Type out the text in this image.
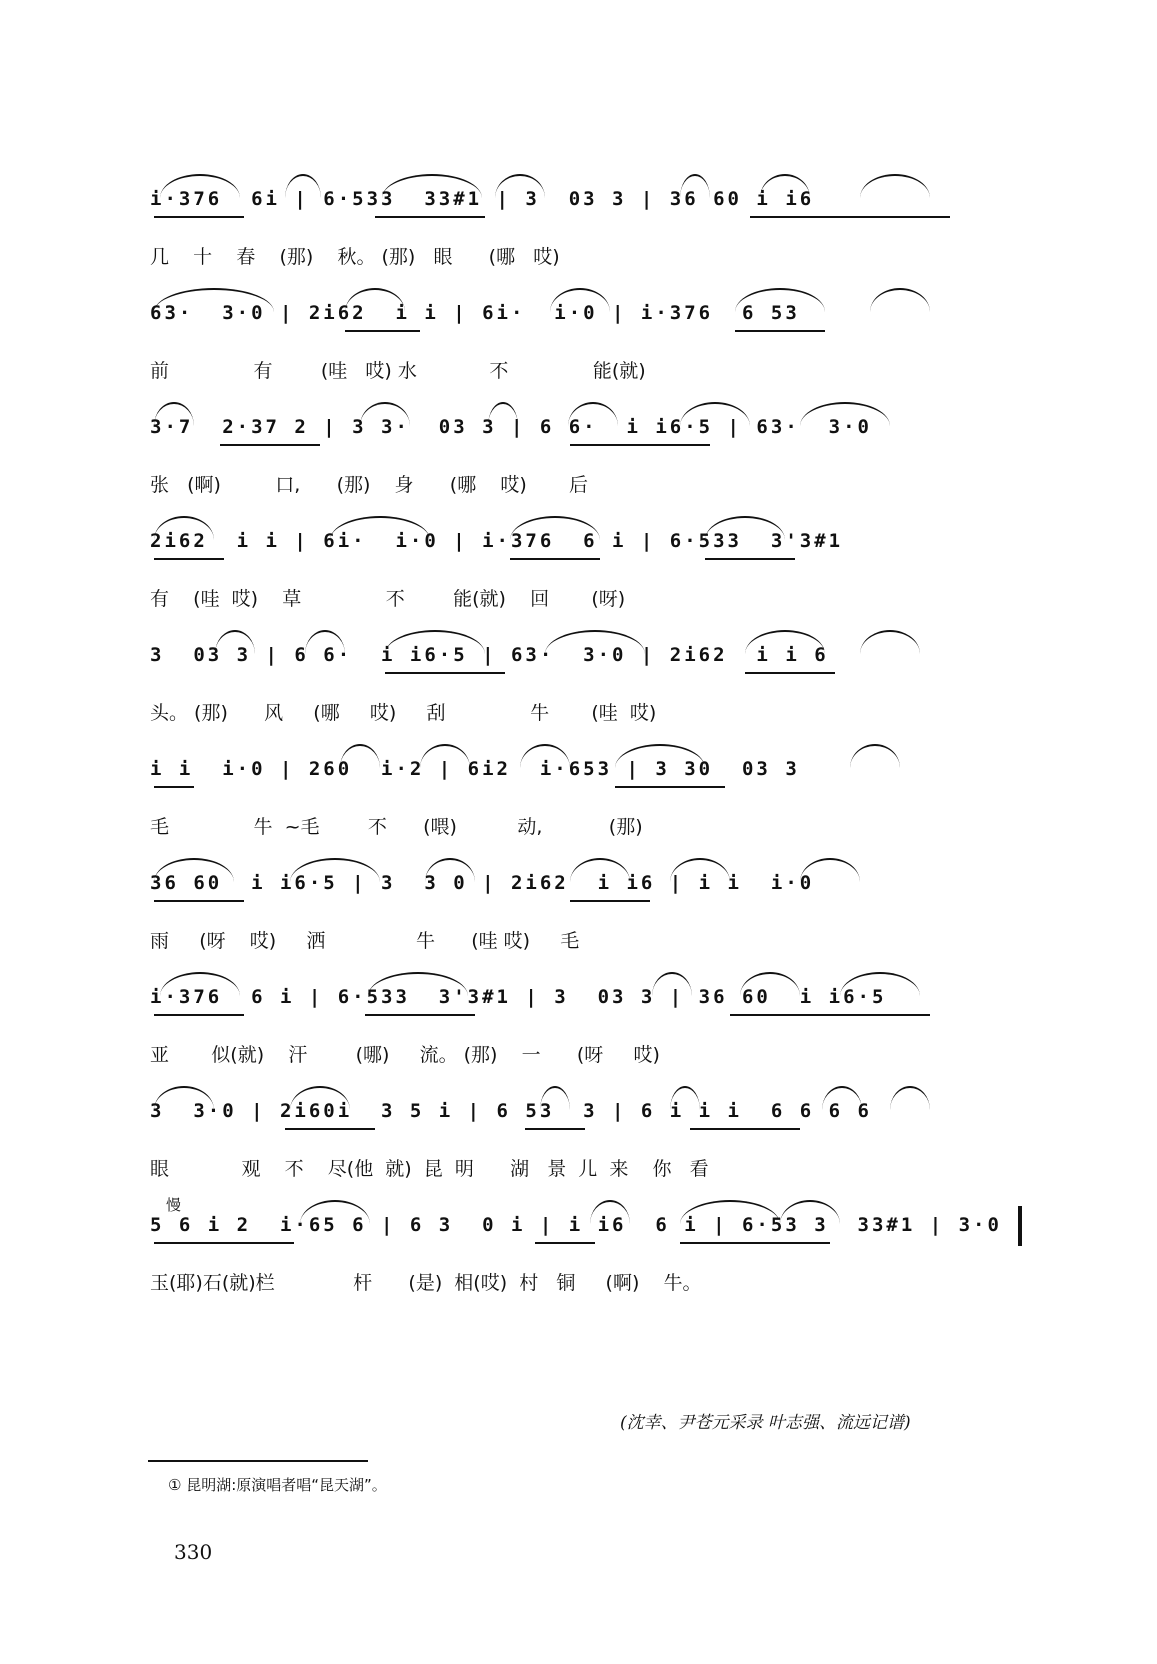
i·376  6i | 6·533  33#1 | 3  03 3 | 36 60 i i6
几    十    春    (那)    秋。 (那)   眼      (哪   哎)
63·  3·0 | 2i62  i i | 6i·  i·0 | i·376  6 53
前              有        (哇   哎) 水            不              能(就)
3·7  2·37 2 | 3 3·  03 3 | 6 6·  i i6·5 | 63·  3·0
张   (啊)         口,      (那)    身      (哪    哎)       后
2i62  i i | 6i·  i·0 | i·376  6 i | 6·533  3'3#1
有    (哇  哎)    草              不        能(就)    回       (呀)
3  03 3 | 6 6·  i i6·5 | 63·  3·0 | 2i62  i i 6
头。 (那)      风     (哪     哎)     刮              牛       (哇  哎)
i i  i·0 | 260  i·2 | 6i2  i·653 | 3 30  03 3
毛              牛  ~毛        不      (喂)          动,           (那)
36 60  i i6·5 | 3  3 0 | 2i62  i i6 | i i  i·0
雨     (呀    哎)     洒               牛      (哇 哎)     毛
i·376  6 i | 6·533  3'3#1 | 3  03 3 | 36 60  i i6·5
亚       似(就)    汗        (哪)     流。 (那)    一      (呀     哎)
3  3·0 | 2i60i  3 5 i | 6 53  3 | 6 i i i  6 6 6 6
眼            观    不    尽(他  就)  昆  明      湖   景  儿  来    你   看
慢
5 6 i 2  i·65 6 | 6 3  0 i | i i6  6 i | 6·53 3  33#1 | 3·0
玉(耶)石(就)栏             杆      (是)  相(哎)  村   铜     (啊)    牛。
(沈幸、尹苍元采录 叶志强、流远记谱)
① 昆明湖:原演唱者唱“昆天湖”。
330
